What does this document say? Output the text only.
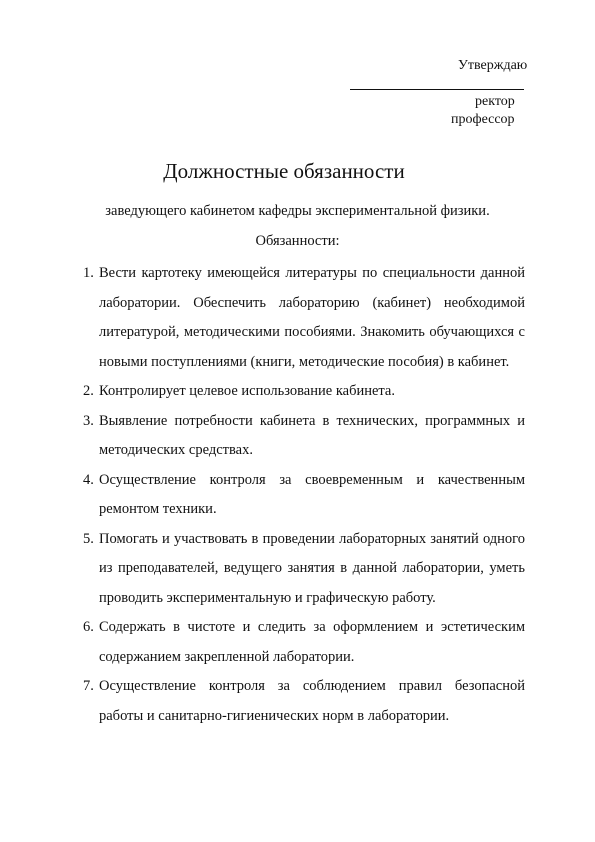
Утверждаю
ректор
профессор
Должностные обязанности
заведующего кабинетом кафедры экспериментальной физики.
Обязанности:
1. Вести картотеку имеющейся литературы по специальности данной лаборатории. Обеспечить лабораторию (кабинет) необходимой литературой, методическими пособиями. Знакомить обучающихся с новыми поступлениями (книги, методические пособия) в кабинет.
2. Контролирует целевое использование кабинета.
3. Выявление потребности кабинета в технических, программных и методических средствах.
4. Осуществление контроля за своевременным и качественным ремонтом техники.
5. Помогать и участвовать в проведении лабораторных занятий одного из преподавателей, ведущего занятия в данной лаборатории, уметь проводить экспериментальную и графическую работу.
6. Содержать в чистоте и следить за оформлением и эстетическим содержанием закрепленной лаборатории.
7. Осуществление контроля за соблюдением правил безопасной работы и санитарно-гигиенических норм в лаборатории.
